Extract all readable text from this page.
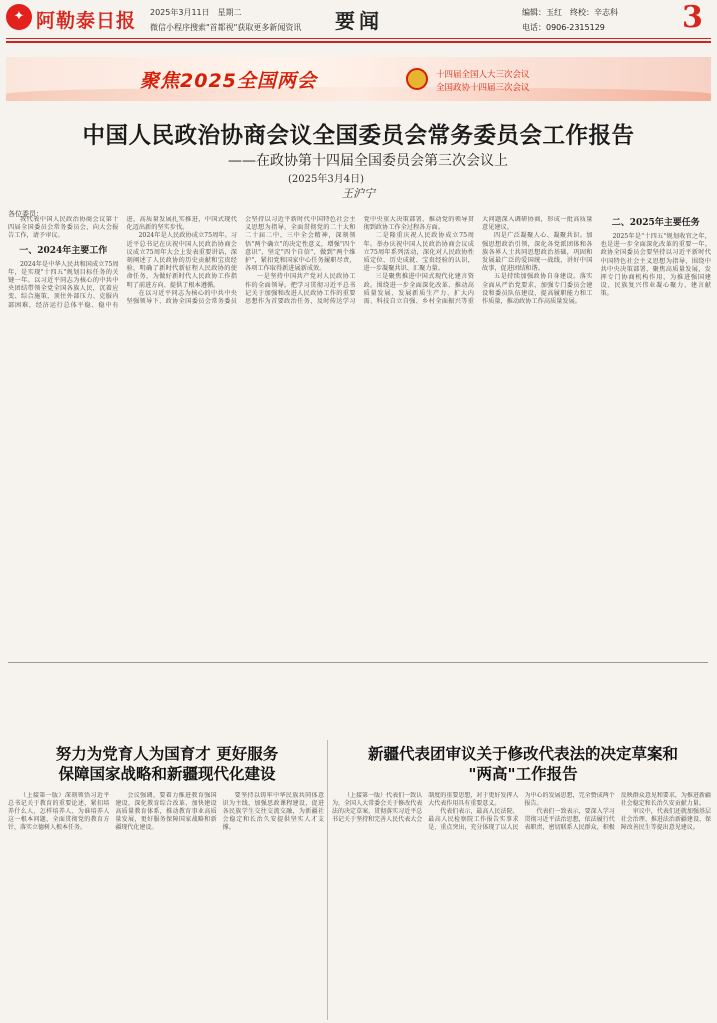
✦ 阿勒泰日报 2025年3月11日　星期二
微信小程序搜索"首都视"获取更多新闻资讯 要闻	编辑：玉红　终校：辛志科
电话：0906-2315129	3
聚焦2025全国两会	十四届全国人大三次会议
全国政协十四届三次会议
中国人民政治协商会议全国委员会常务委员会工作报告
——在政协第十四届全国委员会第三次会议上
(2025年3月4日)
王沪宁
各位委员：

我代表中国人民政治协商会议第十四届全国委员会常务委员会，向大会报告工作，请予审议。

一、2024年主要工作

2024年是中华人民共和国成立75周年，是实现"十四五"规划目标任务的关键一年。以习近平同志为核心的中共中央团结带领全党全国各族人民，沉着应变、综合施策，顶住外部压力、克服内部困难，经济运行总体平稳、稳中有进，高质量发展扎实推进，中国式现代化迈出新的坚实步伐。

2024年是人民政协成立75周年。习近平总书记在庆祝中国人民政治协商会议成立75周年大会上发表重要讲话，深刻阐述了人民政协的历史贡献和宝贵经验，明确了新时代新征程人民政协的使命任务，为做好新时代人民政协工作指明了前进方向、提供了根本遵循。

在以习近平同志为核心的中共中央坚强领导下，政协全国委员会常务委员会坚持以习近平新时代中国特色社会主义思想为指导，全面贯彻党的二十大和二十届二中、三中全会精神，深刻领悟"两个确立"的决定性意义，增强"四个意识"、坚定"四个自信"、做到"两个维护"，紧扣党和国家中心任务履职尽责，各项工作取得新进展新成效。

一是坚持中国共产党对人民政协工作的全面领导。把学习贯彻习近平总书记关于加强和改进人民政协工作的重要思想作为首要政治任务，及时传达学习党中央重大决策部署，推动党的领导贯彻到政协工作全过程各方面。

二是隆重庆祝人民政协成立75周年。举办庆祝中国人民政治协商会议成立75周年系列活动，深化对人民政协性质定位、历史成就、宝贵经验的认识，进一步凝聚共识、汇聚力量。

三是聚焦推进中国式现代化建言资政。围绕进一步全面深化改革、推动高质量发展、发展新质生产力、扩大内需、科技自立自强、乡村全面振兴等重大问题深入调研协商，形成一批高质量意见建议。

四是广泛凝聚人心、凝聚共识。加强思想政治引领，深化各党派团体和各族各界人士共同思想政治基础，巩固和发展最广泛的爱国统一战线，讲好中国故事，促进团结和谐。

五是持续加强政协自身建设。落实全面从严治党要求，加强专门委员会建设和委员队伍建设，提高履职能力和工作质量，推动政协工作高质量发展。

二、2025年主要任务

2025年是"十四五"规划收官之年，也是进一步全面深化改革的重要一年。政协全国委员会要坚持以习近平新时代中国特色社会主义思想为指导，围绕中共中央决策部署，聚焦高质量发展，发挥专门协商机构作用，为推进强国建设、民族复兴伟业凝心聚力、建言献策。

努力为党育人为国育才 更好服务
保障国家战略和新疆现代化建设
新疆代表团审议关于修改代表法的决定草案和
"两高"工作报告

（上接第一版）深刻领悟习近平总书记关于教育的重要论述，紧扣培养什么人、怎样培养人、为谁培养人这一根本问题，全面贯彻党的教育方针，落实立德树人根本任务。

会议强调，要着力推进教育强国建设，深化教育综合改革，加快建设高质量教育体系，推动教育事业高质量发展，更好服务保障国家战略和新疆现代化建设。

要坚持以铸牢中华民族共同体意识为主线，加强思政课程建设，促进各民族学生交往交流交融，为新疆社会稳定和长治久安提供坚实人才支撑。

（上接第一版）代表们一致认为，全国人大常委会关于修改代表法的决定草案，贯彻落实习近平总书记关于坚持和完善人民代表大会制度的重要思想，对于更好发挥人大代表作用具有重要意义。

代表们表示，最高人民法院、最高人民检察院工作报告实事求是、重点突出，充分体现了以人民为中心的发展思想，完全赞成两个报告。

代表们一致表示，要深入学习贯彻习近平法治思想，依法履行代表职责，密切联系人民群众，积极反映群众意见和要求，为推进新疆社会稳定和长治久安贡献力量。

审议中，代表们还就加强基层社会治理、推进法治新疆建设、保障改善民生等提出意见建议。
